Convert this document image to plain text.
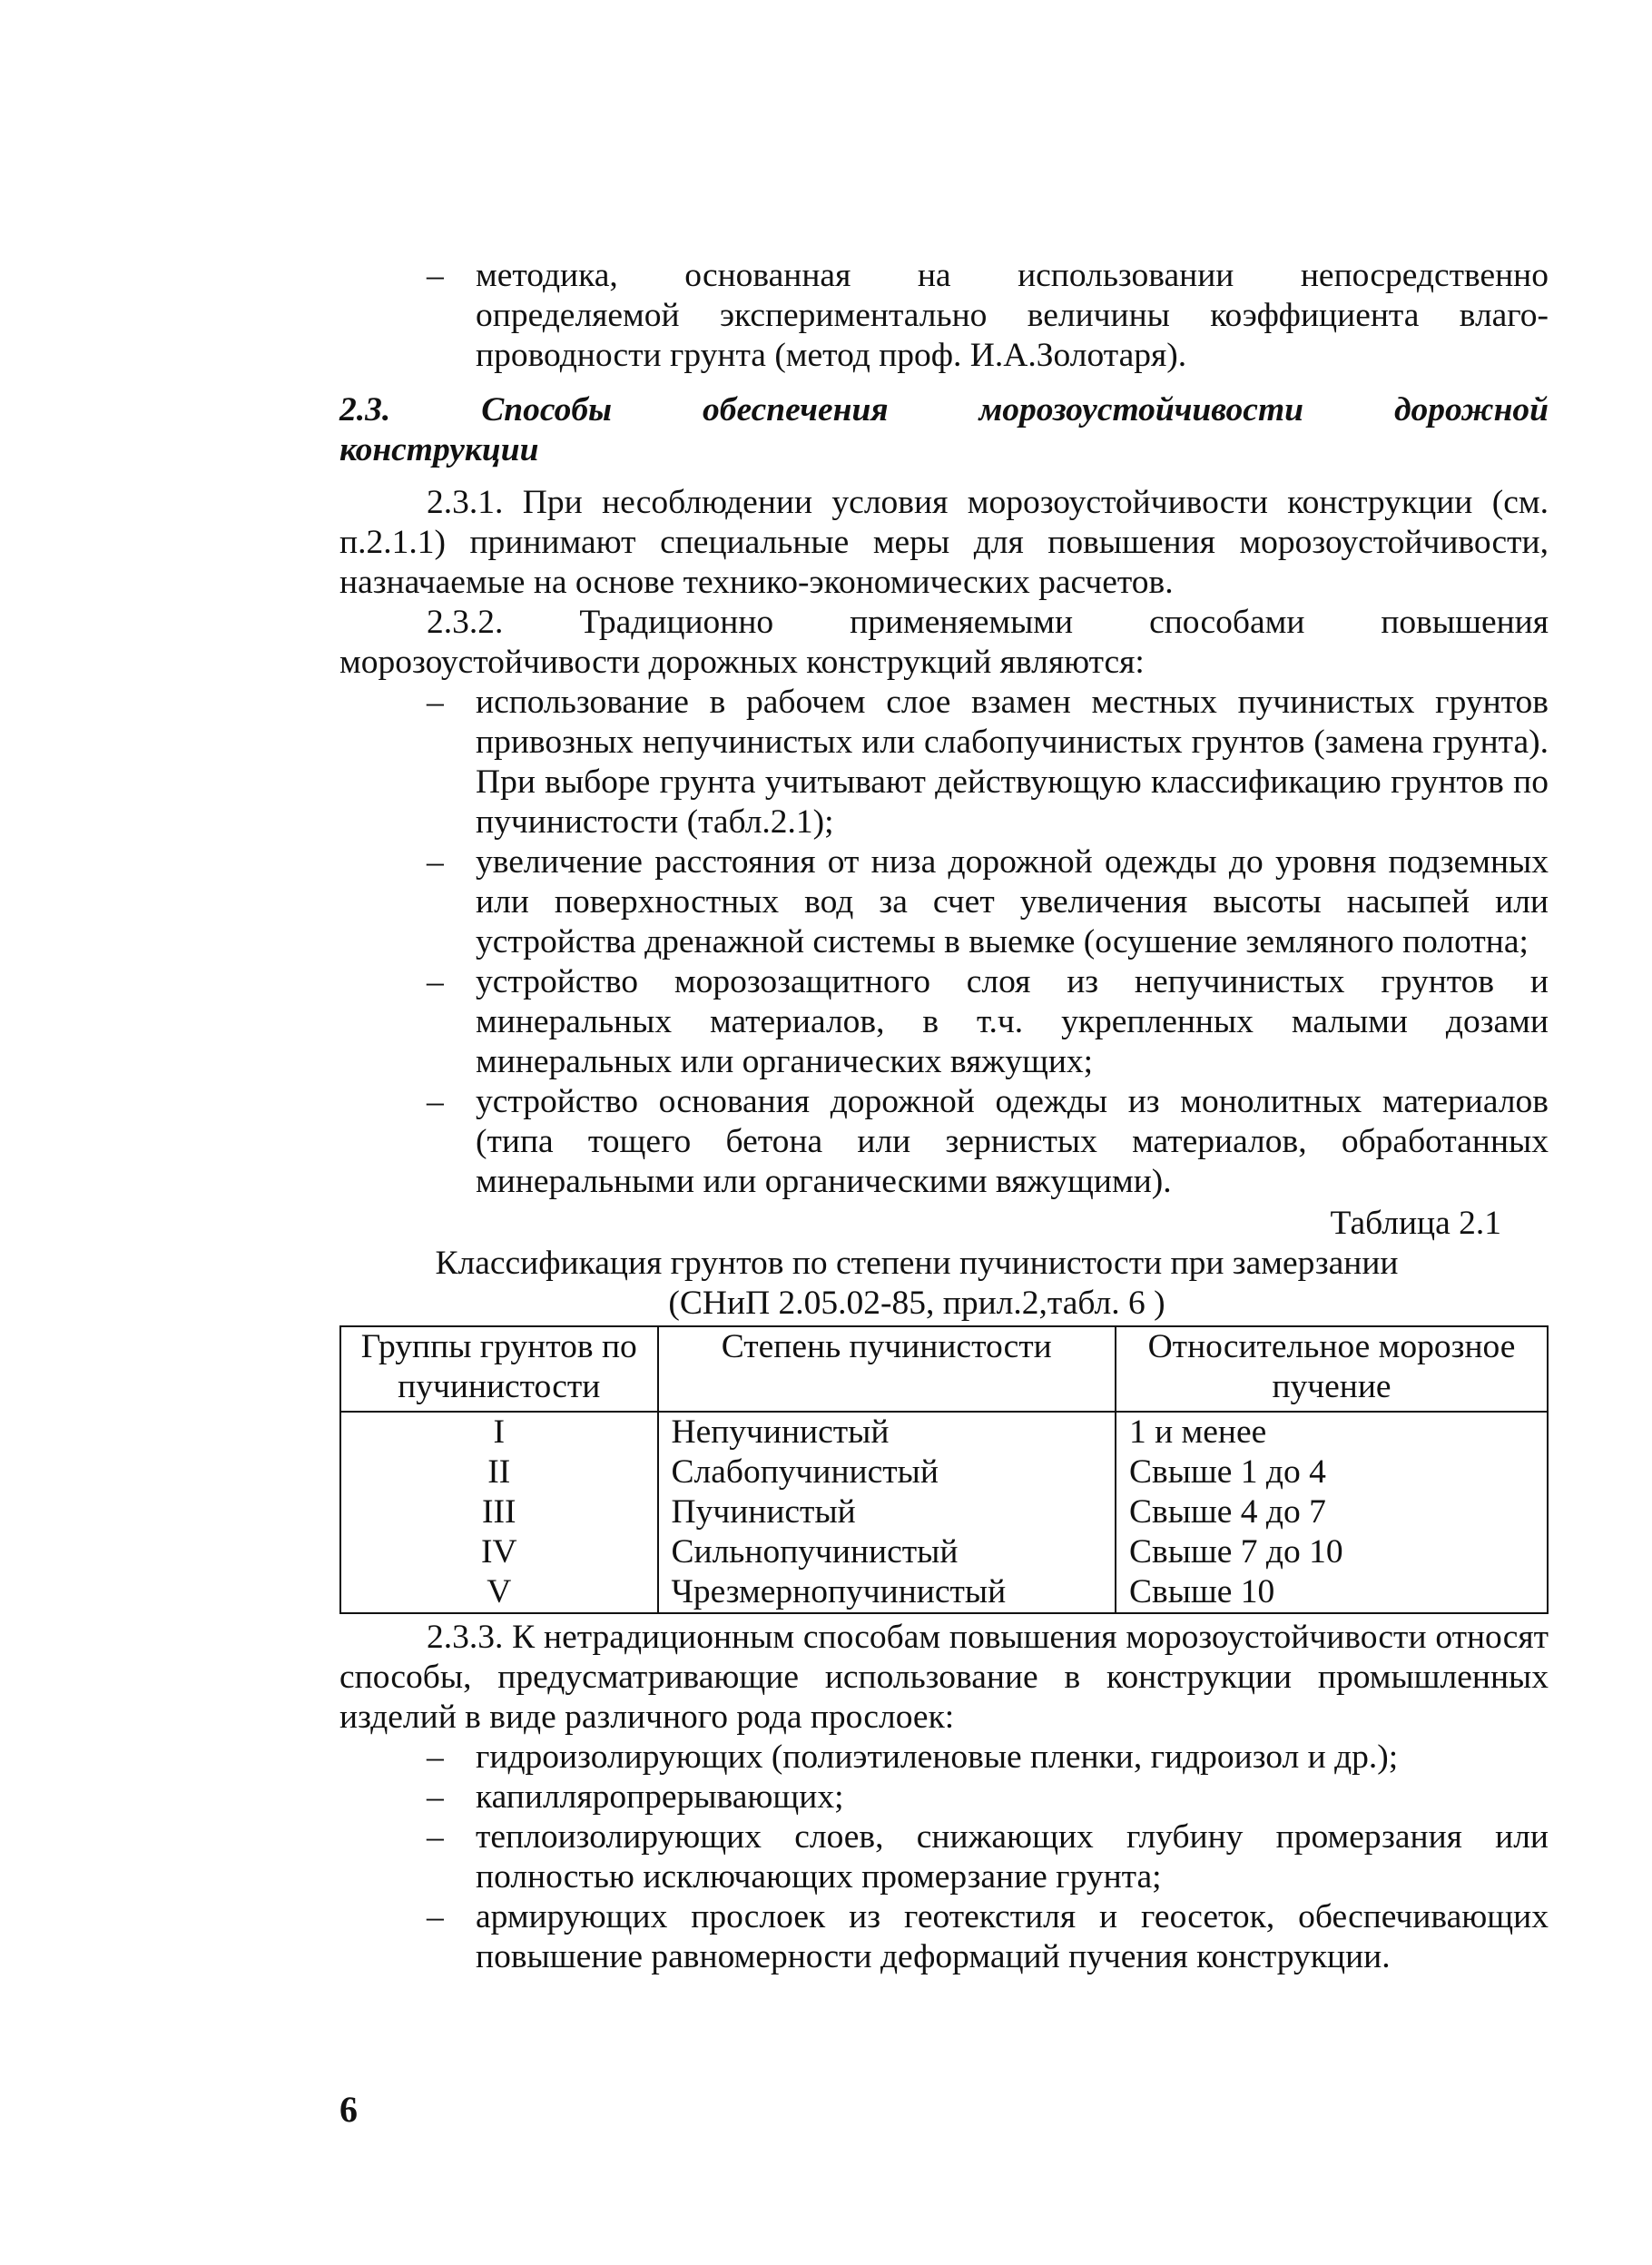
– методика, основанная на использовании непосредственно
определяемой экспериментально величины коэффициента влаго-
проводности грунта (метод проф. И.А.Золотаря).

2.3. Способы обеспечения морозоустойчивости дорожной

конструкции

2.3.1. При несоблюдении условия морозоустойчивости конструкции (см. п.2.1.1) принимают специальные меры для повышения морозоустойчивости, назначаемые на основе технико-экономических расчетов.

2.3.2. Традиционно применяемыми способами повышения морозоустойчивости дорожных конструкций являются:

– использование в рабочем слое взамен местных пучинистых грунтов привозных непучинистых или слабопучинистых грунтов (замена грунта). При выборе грунта учитывают действующую классификацию грунтов по пучинистости (табл.2.1);
– увеличение расстояния от низа дорожной одежды до уровня подземных или поверхностных вод за счет увеличения высоты насыпей или устройства дренажной системы в выемке (осушение земляного полотна;
– устройство морозозащитного слоя из непучинистых грунтов и минеральных материалов, в т.ч. укрепленных малыми дозами минеральных или органических вяжущих;
– устройство основания дорожной одежды из монолитных материалов (типа тощего бетона или зернистых материалов, обработанных минеральными или органическими вяжущими).

Таблица 2.1

Классификация грунтов по степени пучинистости при замерзании

(СНиП 2.05.02-85, прил.2,табл. 6 )

Группы грунтов по пучинистости	Степень пучинистости	Относительное морозное пучение
I	Непучинистый	1 и менее
II	Слабопучинистый	Свыше 1 до 4
III	Пучинистый	Свыше 4 до 7
IV	Сильнопучинистый	Свыше 7 до 10
V	Чрезмернопучинистый	Свыше 10

2.3.3. К нетрадиционным способам повышения морозоустойчивости относят способы, предусматривающие использование в конструкции промышленных изделий в виде различного рода прослоек:

– гидроизолирующих (полиэтиленовые пленки, гидроизол и др.);
– капилляропрерывающих;
– теплоизолирующих слоев, снижающих глубину промерзания или полностью исключающих промерзание грунта;
– армирующих прослоек из геотекстиля и геосеток, обеспечивающих повышение равномерности деформаций пучения конструкции.
6
